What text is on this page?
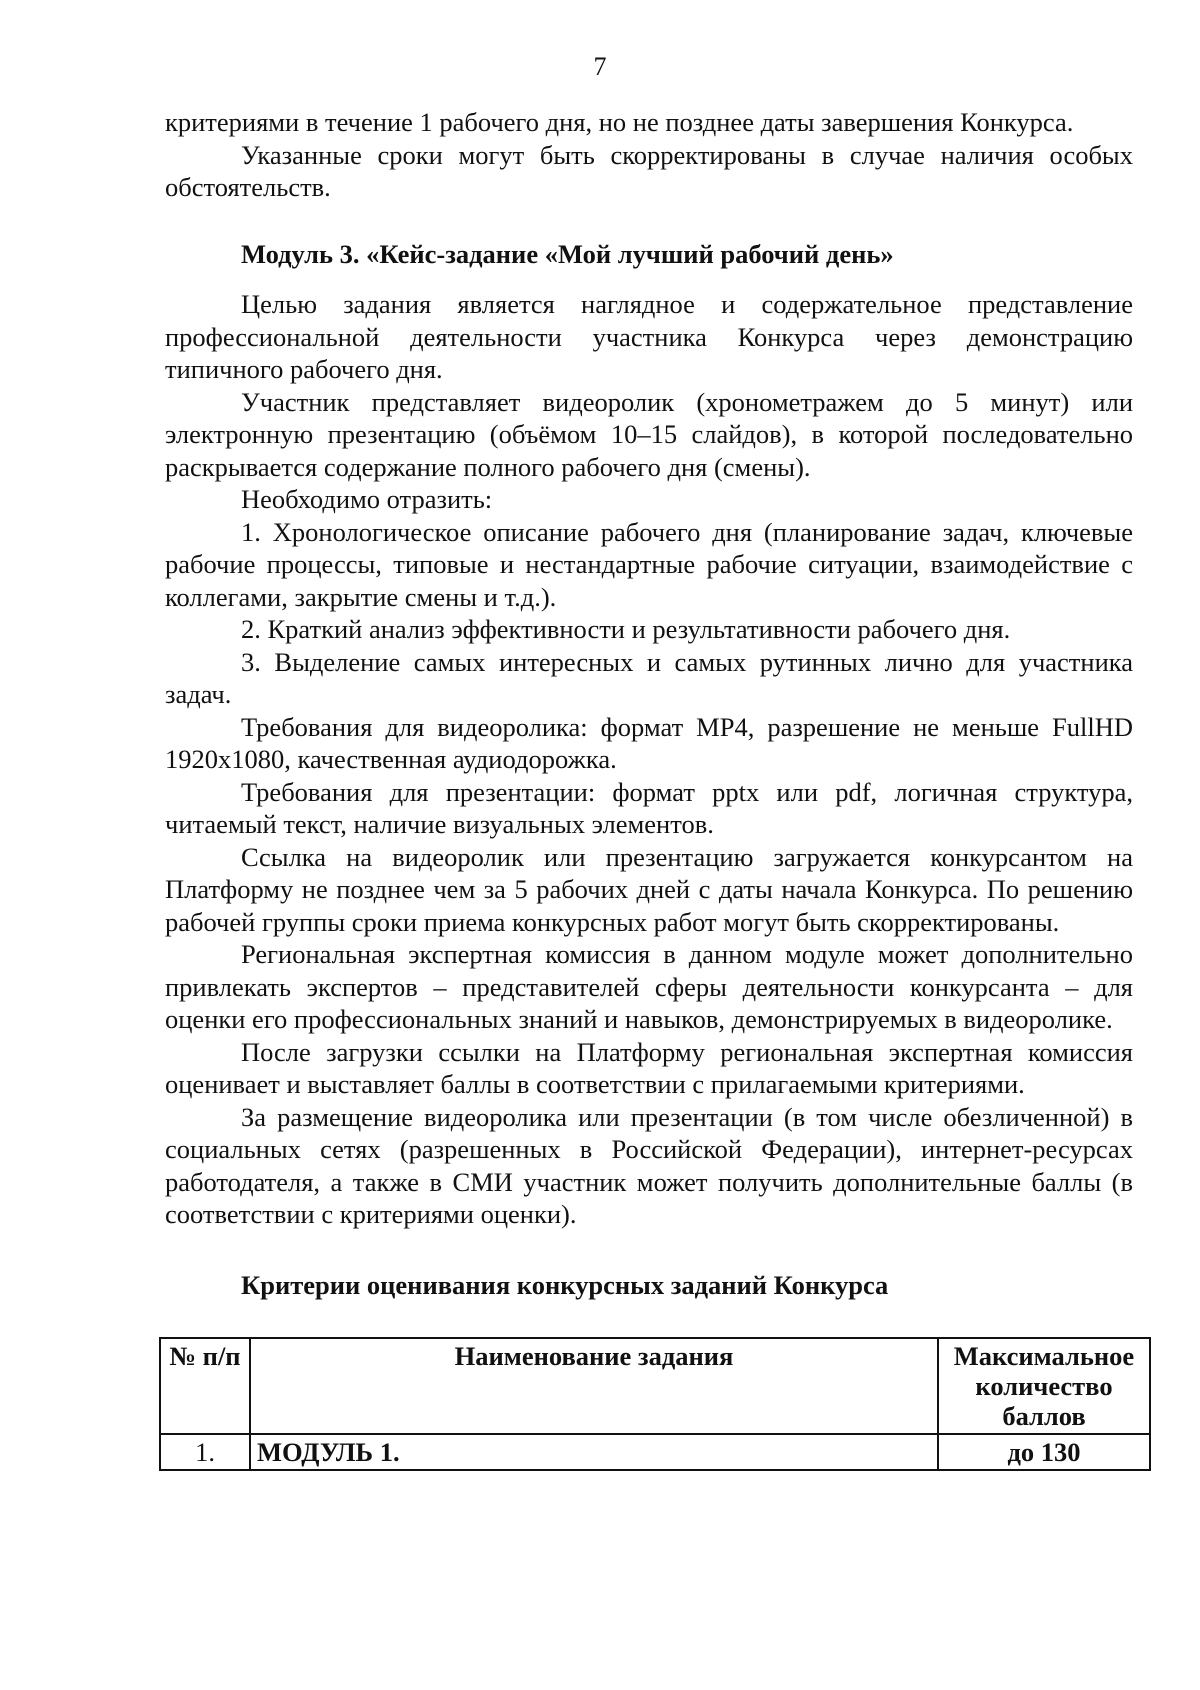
7

критериями в течение 1 рабочего дня, но не позднее даты завершения Конкурса.

Указанные сроки могут быть скорректированы в случае наличия особых обстоятельств.

Модуль 3. «Кейс-задание «Мой лучший рабочий день»

Целью задания является наглядное и содержательное представление профессиональной деятельности участника Конкурса через демонстрацию типичного рабочего дня.

Участник представляет видеоролик (хронометражем до 5 минут) или электронную презентацию (объёмом 10–15 слайдов), в которой последовательно раскрывается содержание полного рабочего дня (смены).

Необходимо отразить:

1. Хронологическое описание рабочего дня (планирование задач, ключевые рабочие процессы, типовые и нестандартные рабочие ситуации, взаимодействие с коллегами, закрытие смены и т.д.).

2. Краткий анализ эффективности и результативности рабочего дня.

3. Выделение самых интересных и самых рутинных лично для участника задач.

Требования для видеоролика: формат MP4, разрешение не меньше FullHD 1920x1080, качественная аудиодорожка.

Требования для презентации: формат pptx или pdf, логичная структура, читаемый текст, наличие визуальных элементов.

Ссылка на видеоролик или презентацию загружается конкурсантом на Платформу не позднее чем за 5 рабочих дней с даты начала Конкурса. По решению рабочей группы сроки приема конкурсных работ могут быть скорректированы.

Региональная экспертная комиссия в данном модуле может дополнительно привлекать экспертов – представителей сферы деятельности конкурсанта – для оценки его профессиональных знаний и навыков, демонстрируемых в видеоролике.

После загрузки ссылки на Платформу региональная экспертная комиссия оценивает и выставляет баллы в соответствии с прилагаемыми критериями.

За размещение видеоролика или презентации (в том числе обезличенной) в социальных сетях (разрешенных в Российской Федерации), интернет-ресурсах работодателя, а также в СМИ участник может получить дополнительные баллы (в соответствии с критериями оценки).

Критерии оценивания конкурсных заданий Конкурса
№ п/п	Наименование задания	Максимальное количество баллов
1.	МОДУЛЬ 1.	до 130
